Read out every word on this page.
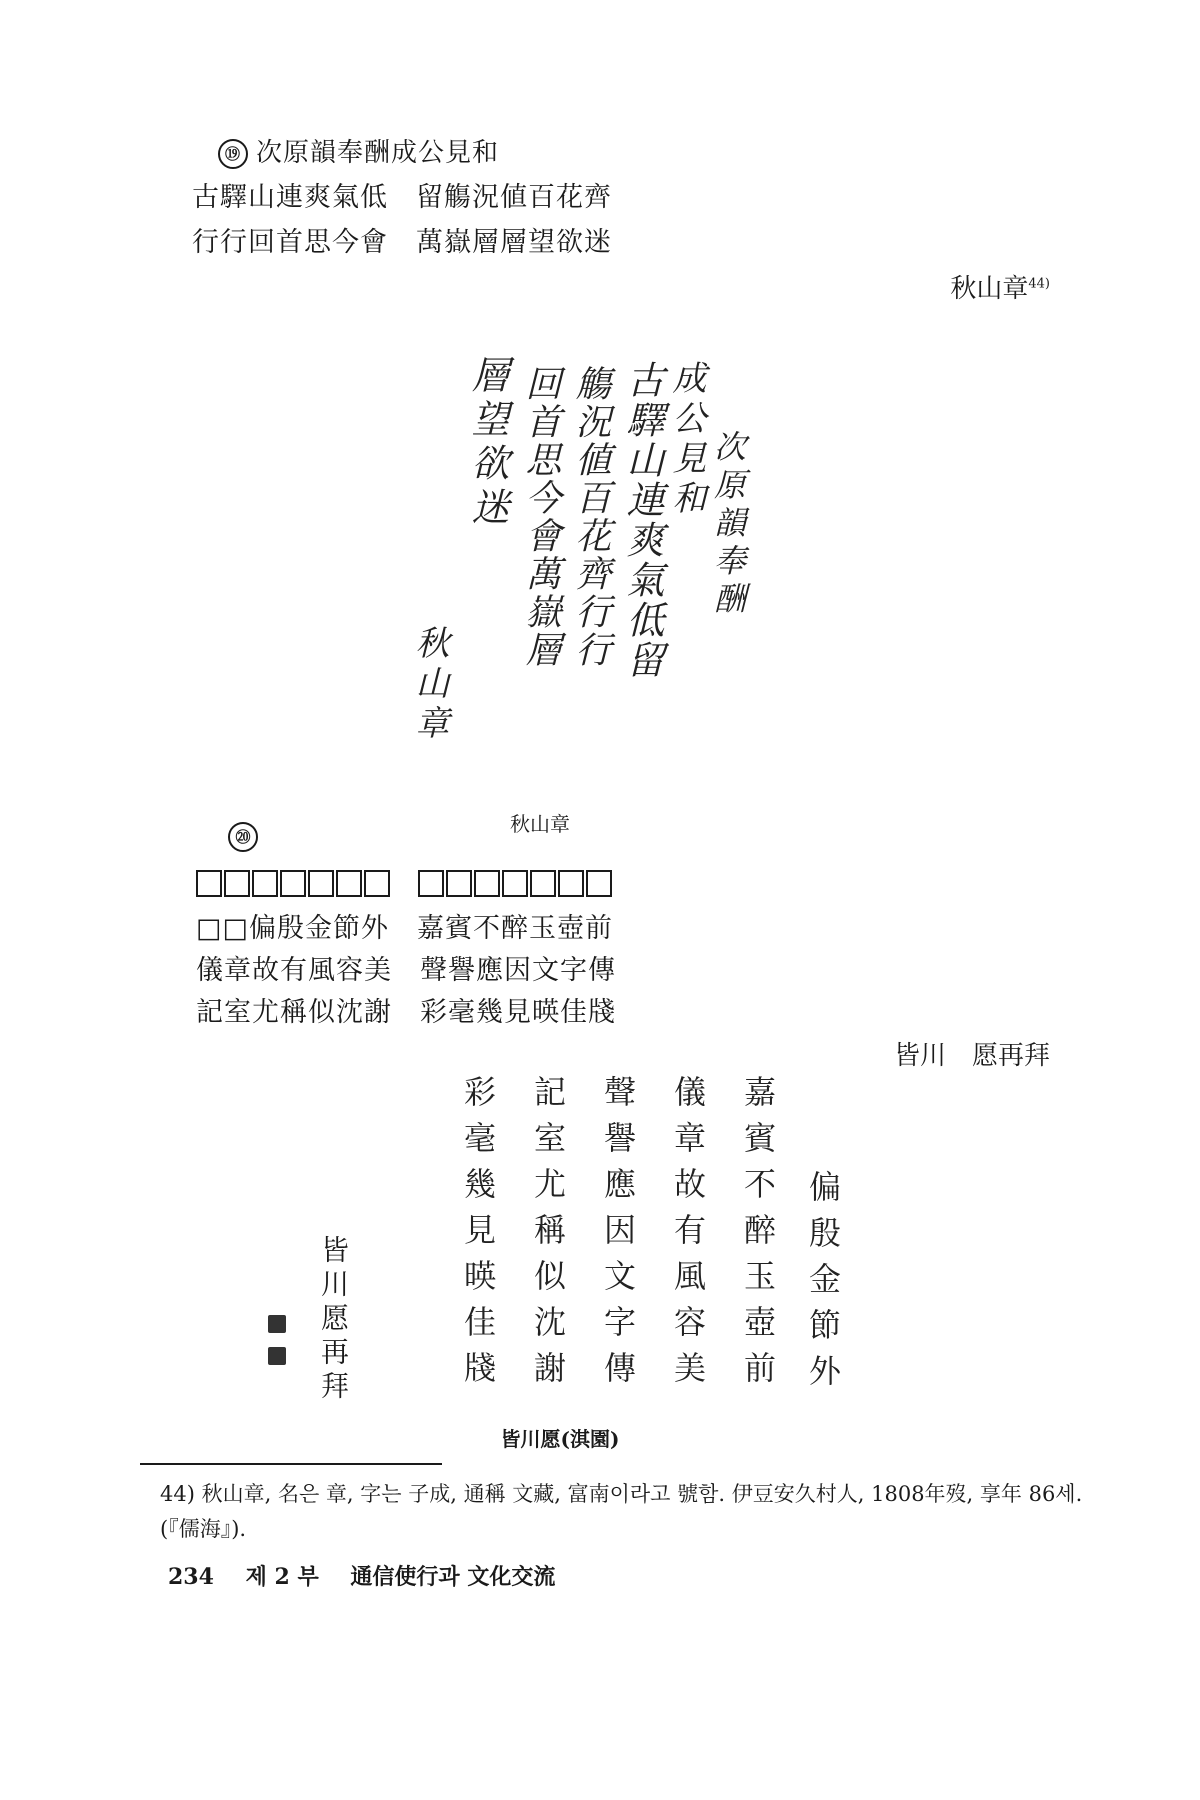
⑲ 次原韻奉酬成公見和
古驛山連爽氣低　留觴況値百花齊
行行回首思今會　萬嶽層層望欲迷
秋山章$^{44)}$
次原韻奉酬
成公見和
古驛山連爽氣低留
觴況値百花齊行行
回首思今會萬嶽層
層望欲迷
秋山章
秋山章
⑳
□□偏殷金節外　嘉賓不醉玉壺前
儀章故有風容美　聲譽應因文字傳
記室尤稱似沈謝　彩毫幾見暎佳牋
皆川　愿再拜
偏殷金節外
嘉賓不醉玉壺前
儀章故有風容美
聲譽應因文字傳
記室尤稱似沈謝
彩毫幾見暎佳牋
皆川愿再拜
皆川愿(淇園)
44) 秋山章, 名은 章, 字는 子成, 通稱 文藏, 富南이라고 號함. 伊豆安久村人, 1808年歿, 享年 86세. (『儒海』).
234 제 2 부 通信使行과 文化交流
